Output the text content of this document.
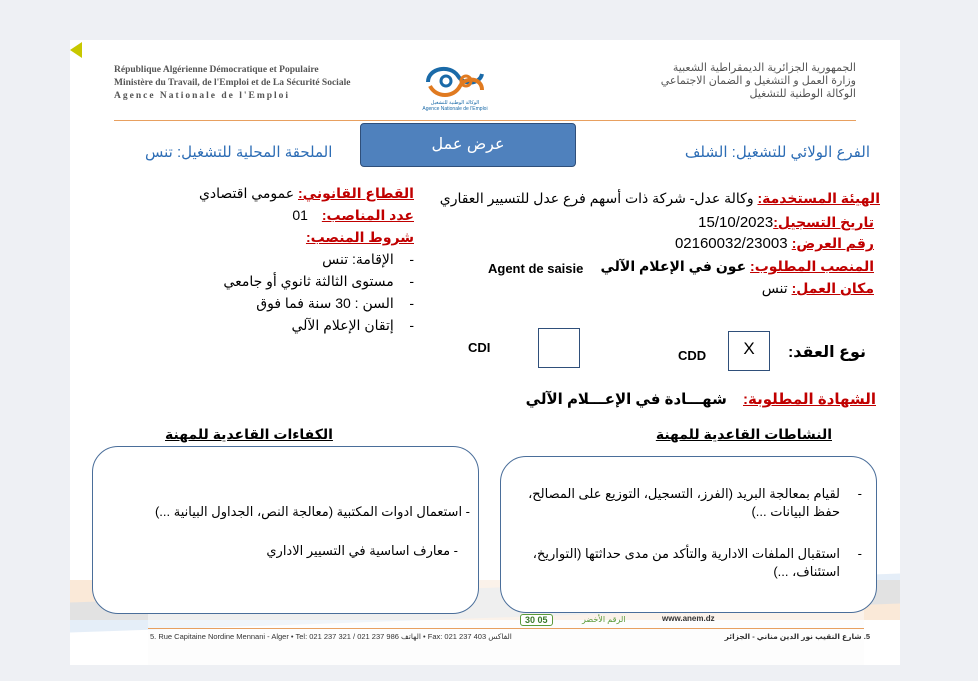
République Algérienne Démocratique et Populaire
Ministère du Travail, de l'Emploi et de La Sécurité Sociale
Agence Nationale de l'Emploi
الوكالة الوطنية للتشغيل
Agence Nationale de l'Emploi
الجمهورية الجزائرية الديمقراطية الشعبية
وزارة العمل و التشغيل و الضمان الاجتماعي
الوكالة الوطنية للتشغيل
عرض عمل
الملحقة المحلية للتشغيل: تنس	الفرع الولائي للتشغيل: الشلف
الهيئة المستخدمة: وكالة عدل- شركة ذات أسهم فرع عدل للتسيير العقاري
تاريخ التسجيل:15/10/2023
رقم العرض: 02160032/23003
المنصب المطلوب: عون في الإعلام الآلي
Agent de saisie
مكان العمل: تنس
القطاع القانوني: عمومي اقتصادي
عدد المناصب: 01
شروط المنصب:
-    الإقامة: تنس
-    مستوى الثالثة ثانوي أو جامعي
-    السن : 30 سنة فما فوق
-    إتقان الإعلام الآلي
نوع العقد:
X
CDD
CDI
الشهادة المطلوبة: شهـــادة في الإعـــلام الآلي
النشاطات القاعدية للمهنة
الكفاءات القاعدية للمهنة
- استعمال ادوات المكتبية (معالجة النص، الجداول البيانية ...)
- معارف اساسية في التسيير الاداري
-
لقيام بمعالجة البريد (الفرز، التسجيل، التوزيع على المصالح، حفظ البيانات ...)
-
استقبال الملفات الادارية والتأكد من مدى حداثتها (التواريخ، استئناف، ...)
30 05	الرقم الأخضر	www.anem.dz
5. Rue Capitaine Nordine Mennani - Alger • Tel: 021 237 321 / 021 237 986 الهاتف • Fax: 021 237 403 الفاكس	5. شارع النقيب نور الدين مناني - الجزائر
